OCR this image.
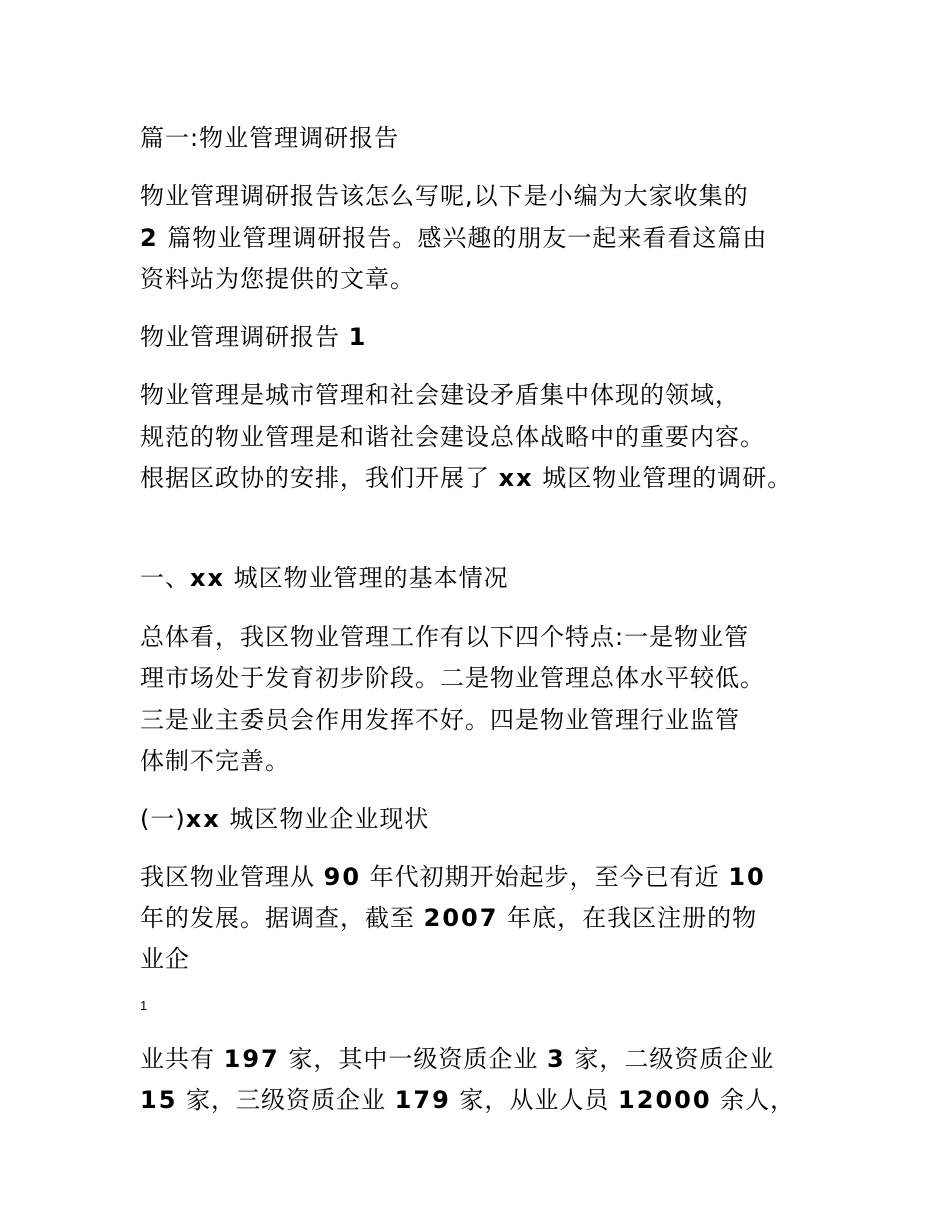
篇一:物业管理调研报告
物业管理调研报告该怎么写呢,以下是小编为大家收集的
2 篇物业管理调研报告。感兴趣的朋友一起来看看这篇由
资料站为您提供的文章。
物业管理调研报告 1
物业管理是城市管理和社会建设矛盾集中体现的领域，
规范的物业管理是和谐社会建设总体战略中的重要内容。
根据区政协的安排，我们开展了 xx 城区物业管理的调研。
一、xx 城区物业管理的基本情况
总体看，我区物业管理工作有以下四个特点:一是物业管
理市场处于发育初步阶段。二是物业管理总体水平较低。
三是业主委员会作用发挥不好。四是物业管理行业监管
体制不完善。
(一)xx 城区物业企业现状
我区物业管理从 90 年代初期开始起步，至今已有近 10
年的发展。据调查，截至 2007 年底，在我区注册的物
业企
1
业共有 197 家，其中一级资质企业 3 家，二级资质企业
15 家，三级资质企业 179 家，从业人员 12000 余人，
